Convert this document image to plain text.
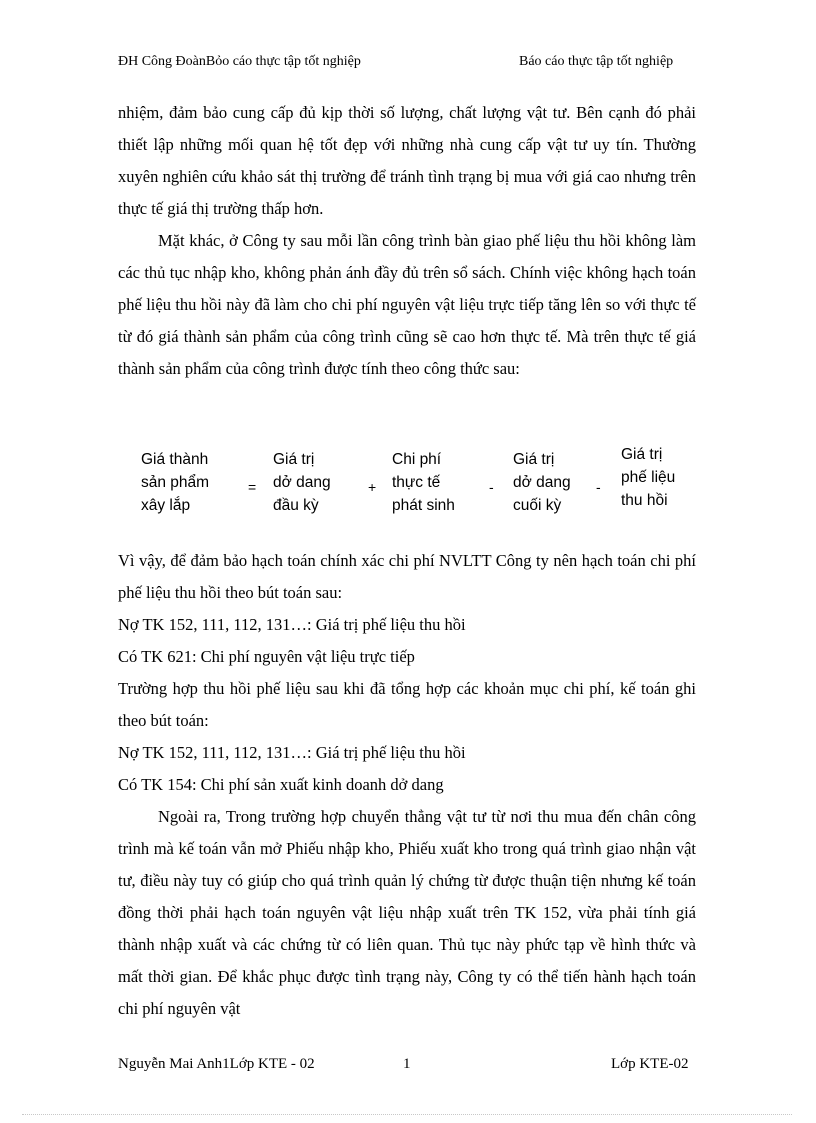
ĐH Công ĐoànBỏo cáo thực tập tốt nghiệp	Báo cáo thực tập tốt nghiệp

nhiệm, đảm bảo cung cấp đủ kịp thời số lượng, chất lượng vật tư. Bên cạnh đó phải thiết lập những mối quan hệ tốt đẹp với những nhà cung cấp vật tư uy tín. Thường xuyên nghiên cứu khảo sát thị trường để tránh tình trạng bị mua với giá cao nhưng trên thực tế giá thị trường thấp hơn.

Mặt khác, ở Công ty sau mỗi lần công trình bàn giao phế liệu thu hồi không làm các thủ tục nhập kho, không phản ánh đầy đủ trên sổ sách. Chính việc không hạch toán phế liệu thu hồi này đã làm cho chi phí nguyên vật liệu trực tiếp tăng lên so với thực tế từ đó giá thành sản phẩm của công trình cũng sẽ cao hơn thực tế. Mà trên thực tế giá thành sản phẩm của công trình được tính theo công thức sau:

Giá thành
sản phẩm
xây lắp
=
Giá trị
dở dang
đầu kỳ
+
Chi phí
thực tế
phát sinh
-
Giá trị
dở dang
cuối kỳ
-
Giá trị
phế liệu
thu hồi

Vì vậy, để đảm bảo hạch toán chính xác chi phí NVLTT Công ty nên hạch toán chi phí phế liệu thu hồi theo bút toán sau:

Nợ TK 152, 111, 112, 131…: Giá trị phế liệu thu hồi
Có TK 621: Chi phí nguyên vật liệu trực tiếp

Trường hợp thu hồi phế liệu sau khi đã tổng hợp các khoản mục chi phí, kế toán ghi theo bút toán:

Nợ TK 152, 111, 112, 131…: Giá trị phế liệu thu hồi
Có TK 154: Chi phí sản xuất kinh doanh dở dang

Ngoài ra, Trong trường hợp chuyển thẳng vật tư từ nơi thu mua đến chân công trình mà kế toán vẫn mở Phiếu nhập kho, Phiếu xuất kho trong quá trình giao nhận vật tư, điều này tuy có giúp cho quá trình quản lý chứng từ được thuận tiện nhưng kế toán đồng thời phải hạch toán nguyên vật liệu nhập xuất trên TK 152, vừa phải tính giá thành nhập xuất và các chứng từ có liên quan. Thủ tục này phức tạp về hình thức và mất thời gian. Để khắc phục được tình trạng này, Công ty có thể tiến hành hạch toán chi phí nguyên vật

Nguyễn Mai Anh1Lớp KTE - 02	1	Lớp KTE-02
